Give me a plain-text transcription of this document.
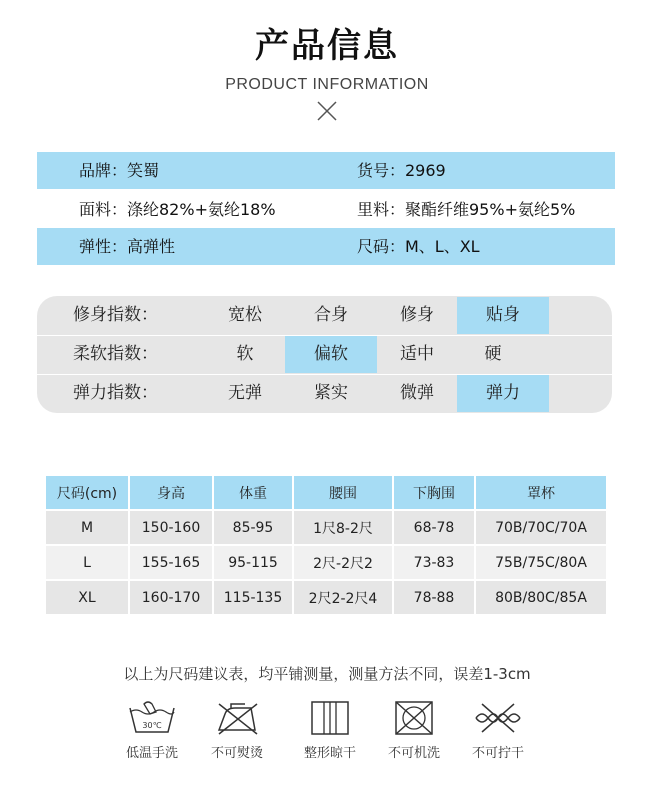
产品信息
PRODUCT INFORMATION
品牌：笑蜀	货号：2969
面料：涤纶82%+氨纶18%	里料：聚酯纤维95%+氨纶5%
弹性：高弹性	尺码：M、L、XL
修身指数：	宽松	合身	修身	贴身
柔软指数：	软	偏软	适中	硬
弹力指数：	无弹	紧实	微弹	弹力
尺码(cm)	身高	体重	腰围	下胸围	罩杯
M	150-160	85-95	1尺8-2尺	68-78	70B/70C/70A
L	155-165	95-115	2尺-2尺2	73-83	75B/75C/80A
XL	160-170	115-135	2尺2-2尺4	78-88	80B/80C/85A
以上为尺码建议表，均平铺测量，测量方法不同，误差1-3cm
30℃
低温手洗	不可熨烫	整形晾干	不可机洗	不可拧干
